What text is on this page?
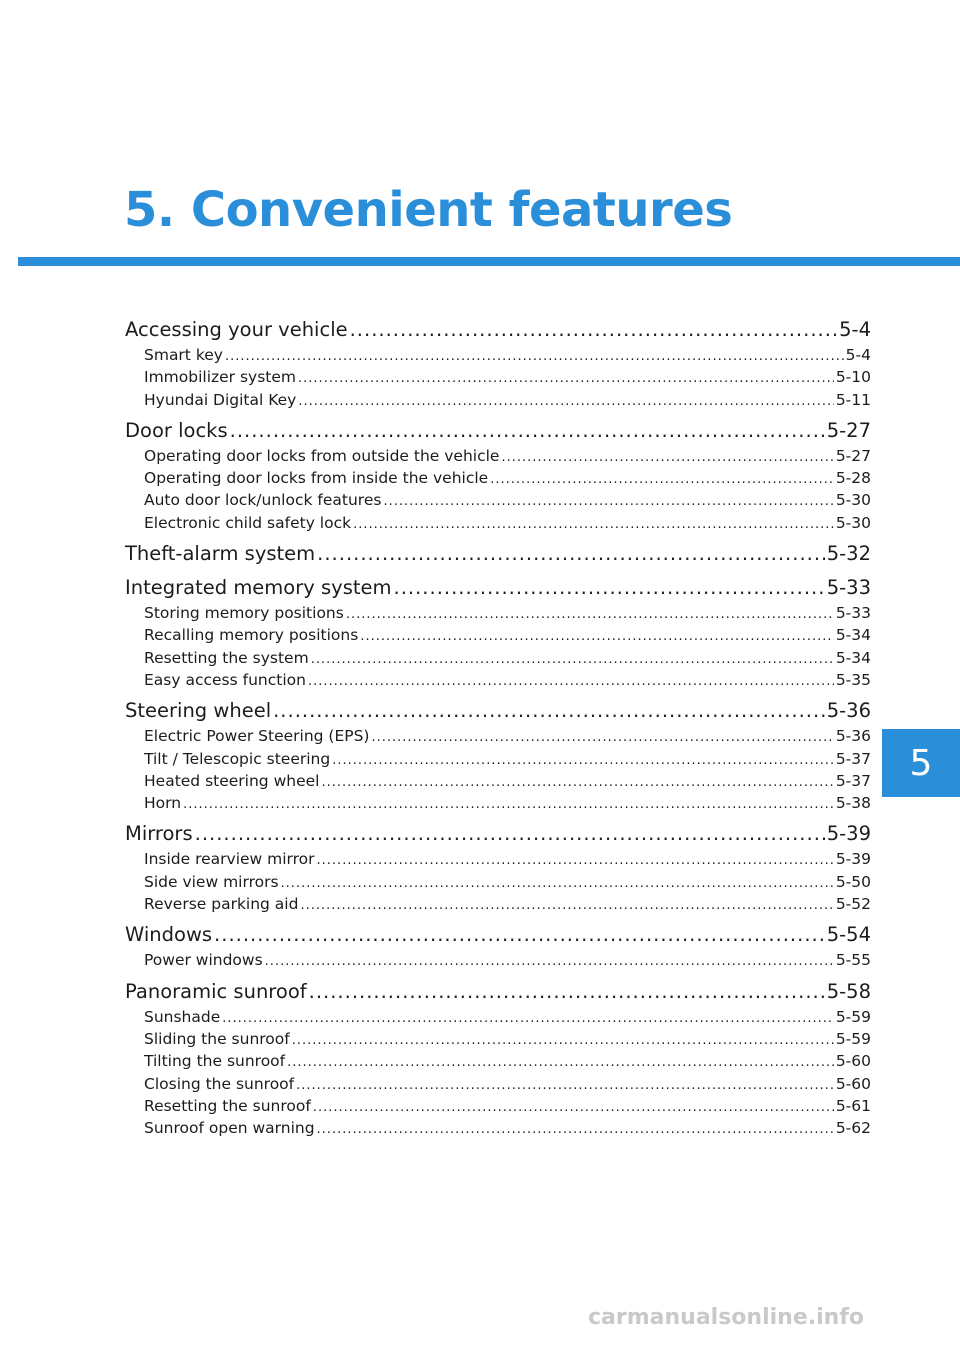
5. Convenient features
5
Accessing your vehicle .....	5-4
Smart key .....	5-4
Immobilizer system .....	5-10
Hyundai Digital Key .....	5-11
Door locks .....	5-27
Operating door locks from outside the vehicle .....	5-27
Operating door locks from inside the vehicle .....	5-28
Auto door lock/unlock features .....	5-30
Electronic child safety lock .....	5-30
Theft-alarm system .....	5-32
Integrated memory system .....	5-33
Storing memory positions .....	5-33
Recalling memory positions .....	5-34
Resetting the system .....	5-34
Easy access function .....	5-35
Steering wheel .....	5-36
Electric Power Steering (EPS) .....	5-36
Tilt / Telescopic steering .....	5-37
Heated steering wheel .....	5-37
Horn .....	5-38
Mirrors .....	5-39
Inside rearview mirror .....	5-39
Side view mirrors .....	5-50
Reverse parking aid .....	5-52
Windows .....	5-54
Power windows .....	5-55
Panoramic sunroof .....	5-58
Sunshade .....	5-59
Sliding the sunroof .....	5-59
Tilting the sunroof .....	5-60
Closing the sunroof .....	5-60
Resetting the sunroof .....	5-61
Sunroof open warning .....	5-62
carmanualsonline.info
